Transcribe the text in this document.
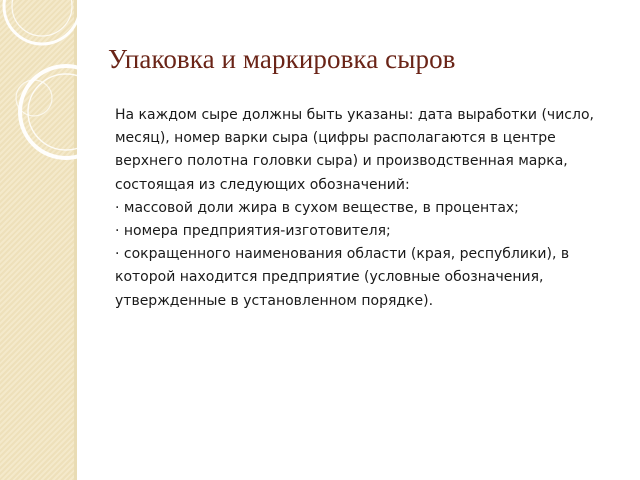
Упаковка и маркировка сыров
На каждом сыре должны быть указаны: дата выработки (число,
месяц), номер варки сыра (цифры располагаются в центре
верхнего полотна головки сыра) и производственная марка,
состоящая из следующих обозначений:
· массовой доли жира в сухом веществе, в процентах;
· номера предприятия-изготовителя;
· сокращенного наименования области (края, республики), в
которой находится предприятие (условные обозначения,
утвержденные в установленном порядке).
